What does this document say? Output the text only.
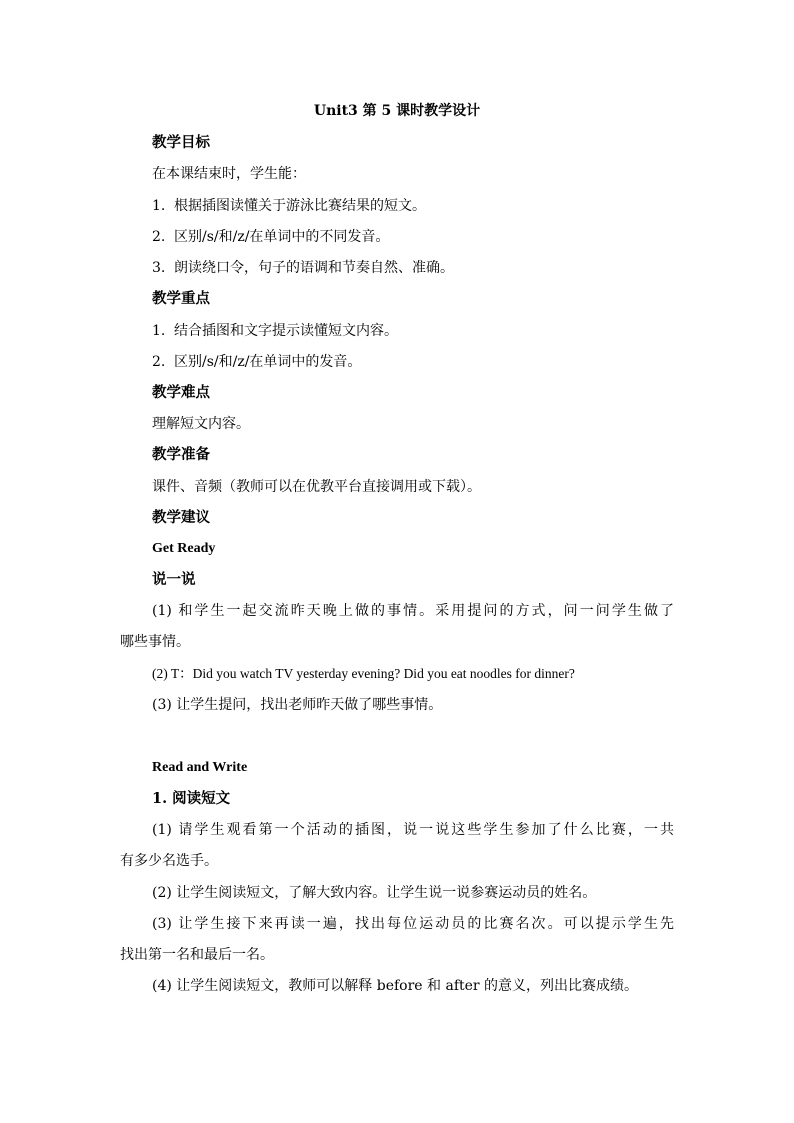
Unit3 第 5 课时教学设计
教学目标
在本课结束时，学生能：
1. 根据插图读懂关于游泳比赛结果的短文。
2. 区别/s/和/z/在单词中的不同发音。
3. 朗读绕口令，句子的语调和节奏自然、准确。
教学重点
1. 结合插图和文字提示读懂短文内容。
2. 区别/s/和/z/在单词中的发音。
教学难点
理解短文内容。
教学准备
课件、音频（教师可以在优教平台直接调用或下载）。
教学建议
Get Ready
说一说
(1) 和学生一起交流昨天晚上做的事情。采用提问的方式，问一问学生做了
哪些事情。
(2) T：Did you watch TV yesterday evening? Did you eat noodles for dinner?
(3) 让学生提问，找出老师昨天做了哪些事情。
Read and Write
1. 阅读短文
(1) 请学生观看第一个活动的插图，说一说这些学生参加了什么比赛，一共
有多少名选手。
(2) 让学生阅读短文，了解大致内容。让学生说一说参赛运动员的姓名。
(3) 让学生接下来再读一遍，找出每位运动员的比赛名次。可以提示学生先
找出第一名和最后一名。
(4) 让学生阅读短文，教师可以解释 before 和 after 的意义，列出比赛成绩。
